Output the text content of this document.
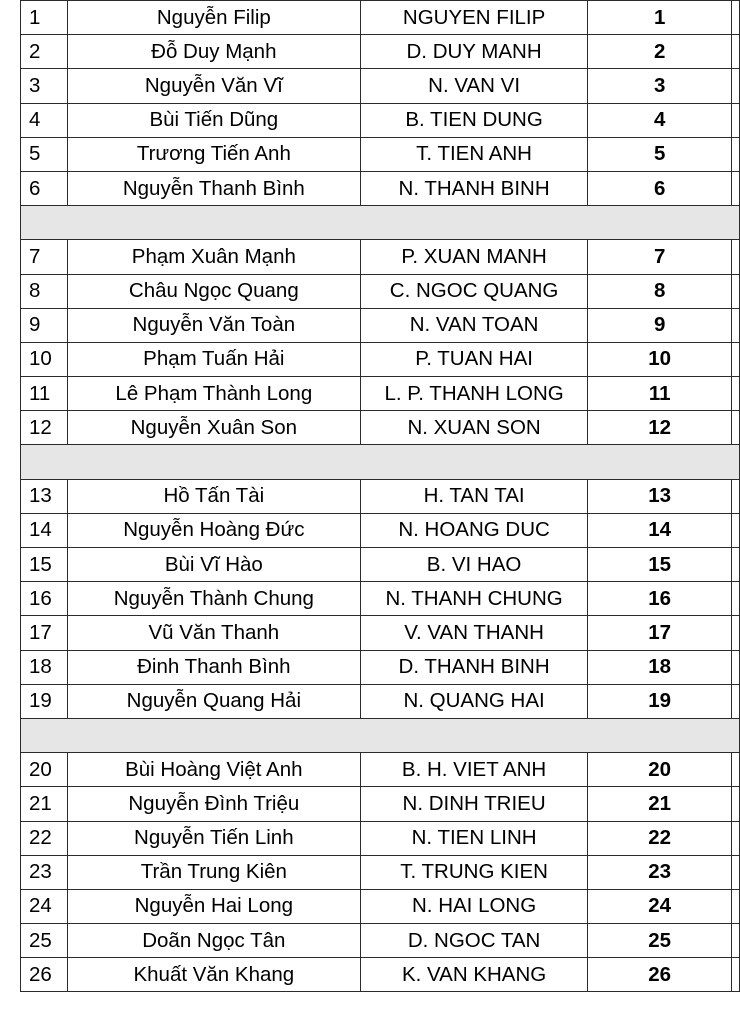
1	Nguyễn Filip	NGUYEN FILIP	1	
2	Đỗ Duy Mạnh	D. DUY MANH	2	
3	Nguyễn Văn Vĩ	N. VAN VI	3	
4	Bùi Tiến Dũng	B. TIEN DUNG	4	
5	Trương Tiến Anh	T. TIEN ANH	5	
6	Nguyễn Thanh Bình	N. THANH BINH	6	

7	Phạm Xuân Mạnh	P. XUAN MANH	7	
8	Châu Ngọc Quang	C. NGOC QUANG	8	
9	Nguyễn Văn Toàn	N. VAN TOAN	9	
10	Phạm Tuấn Hải	P. TUAN HAI	10	
11	Lê Phạm Thành Long	L. P. THANH LONG	11	
12	Nguyễn Xuân Son	N. XUAN SON	12	

13	Hồ Tấn Tài	H. TAN TAI	13	
14	Nguyễn Hoàng Đức	N. HOANG DUC	14	
15	Bùi Vĩ Hào	B. VI HAO	15	
16	Nguyễn Thành Chung	N. THANH CHUNG	16	
17	Vũ Văn Thanh	V. VAN THANH	17	
18	Đinh Thanh Bình	D. THANH BINH	18	
19	Nguyễn Quang Hải	N. QUANG HAI	19	

20	Bùi Hoàng Việt Anh	B. H. VIET ANH	20	
21	Nguyễn Đình Triệu	N. DINH TRIEU	21	
22	Nguyễn Tiến Linh	N. TIEN LINH	22	
23	Trần Trung Kiên	T. TRUNG KIEN	23	
24	Nguyễn Hai Long	N. HAI LONG	24	
25	Doãn Ngọc Tân	D. NGOC TAN	25	
26	Khuất Văn Khang	K. VAN KHANG	26	
